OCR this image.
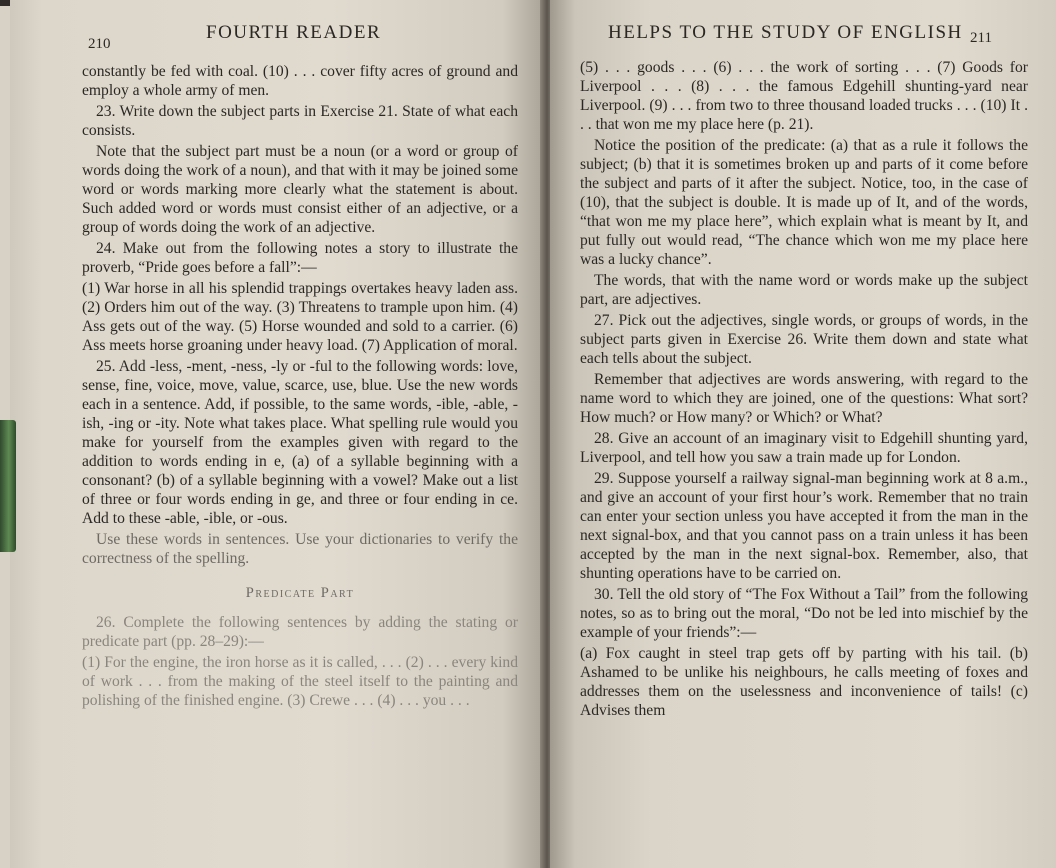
210
FOURTH READER

constantly be fed with coal. (10) . . . cover fifty acres of ground and employ a whole army of men.

23. Write down the subject parts in Exercise 21. State of what each consists.

Note that the subject part must be a noun (or a word or group of words doing the work of a noun), and that with it may be joined some word or words marking more clearly what the statement is about. Such added word or words must consist either of an adjective, or a group of words doing the work of an adjective.

24. Make out from the following notes a story to illustrate the proverb, “Pride goes before a fall”:—

(1) War horse in all his splendid trappings overtakes heavy laden ass. (2) Orders him out of the way. (3) Threatens to trample upon him. (4) Ass gets out of the way. (5) Horse wounded and sold to a carrier. (6) Ass meets horse groaning under heavy load. (7) Application of moral.

25. Add -less, -ment, -ness, -ly or -ful to the following words: love, sense, fine, voice, move, value, scarce, use, blue. Use the new words each in a sentence. Add, if possible, to the same words, -ible, -able, -ish, -ing or -ity. Note what takes place. What spelling rule would you make for yourself from the examples given with regard to the addition to words ending in e, (a) of a syllable beginning with a consonant? (b) of a syllable beginning with a vowel? Make out a list of three or four words ending in ge, and three or four ending in ce. Add to these -able, -ible, or -ous.

Use these words in sentences. Use your dictionaries to verify the correctness of the spelling.

Predicate Part

26. Complete the following sentences by adding the stating or predicate part (pp. 28–29):—

(1) For the engine, the iron horse as it is called, . . . (2) . . . every kind of work . . . from the making of the steel itself to the painting and polishing of the finished engine. (3) Crewe . . . (4) . . . you . . .

HELPS TO THE STUDY OF ENGLISH 211

(5) . . . goods . . . (6) . . . the work of sorting . . . (7) Goods for Liverpool . . . (8) . . . the famous Edgehill shunting-yard near Liverpool. (9) . . . from two to three thousand loaded trucks . . . (10) It . . . that won me my place here (p. 21).

Notice the position of the predicate: (a) that as a rule it follows the subject; (b) that it is sometimes broken up and parts of it come before the subject and parts of it after the subject. Notice, too, in the case of (10), that the subject is double. It is made up of It, and of the words, “that won me my place here”, which explain what is meant by It, and put fully out would read, “The chance which won me my place here was a lucky chance”.

The words, that with the name word or words make up the subject part, are adjectives.

27. Pick out the adjectives, single words, or groups of words, in the subject parts given in Exercise 26. Write them down and state what each tells about the subject.

Remember that adjectives are words answering, with regard to the name word to which they are joined, one of the questions: What sort? How much? or How many? or Which? or What?

28. Give an account of an imaginary visit to Edgehill shunting yard, Liverpool, and tell how you saw a train made up for London.

29. Suppose yourself a railway signal-man beginning work at 8 a.m., and give an account of your first hour’s work. Remember that no train can enter your section unless you have accepted it from the man in the next signal-box, and that you cannot pass on a train unless it has been accepted by the man in the next signal-box. Remember, also, that shunting operations have to be carried on.

30. Tell the old story of “The Fox Without a Tail” from the following notes, so as to bring out the moral, “Do not be led into mischief by the example of your friends”:—

(a) Fox caught in steel trap gets off by parting with his tail. (b) Ashamed to be unlike his neighbours, he calls meeting of foxes and addresses them on the uselessness and inconvenience of tails! (c) Advises them
